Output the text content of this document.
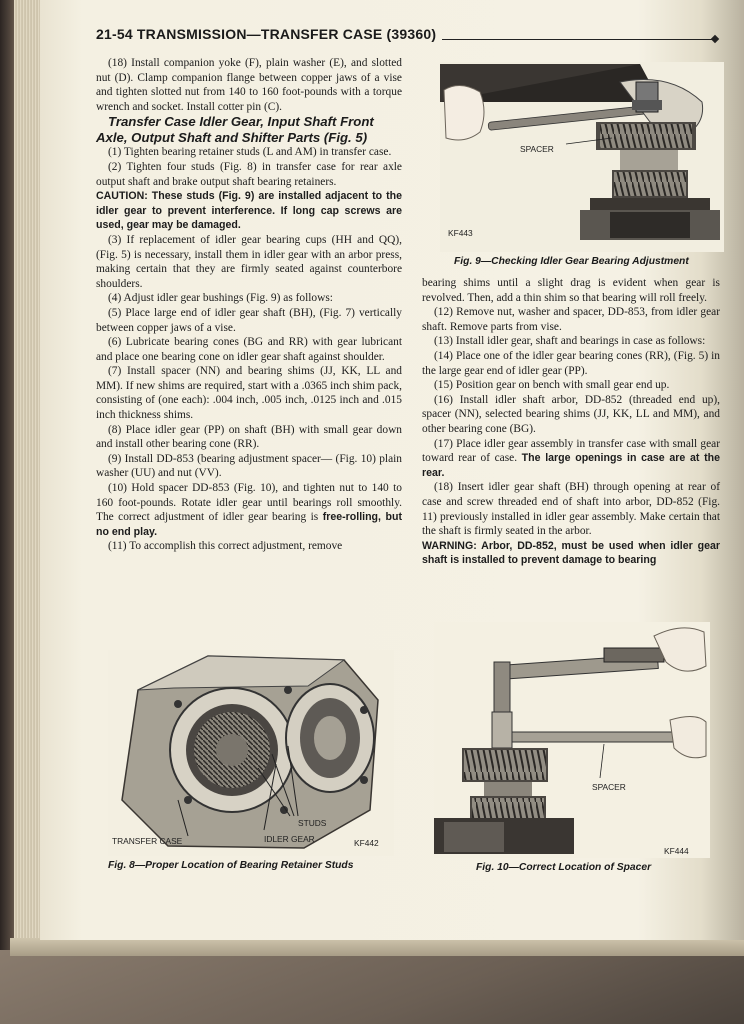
21-54 TRANSMISSION—TRANSFER CASE (39360)

(18) Install companion yoke (F), plain washer (E), and slotted nut (D). Clamp companion flange between copper jaws of a vise and tighten slotted nut from 140 to 160 foot-pounds with a torque wrench and socket. Install cotter pin (C).

Transfer Case Idler Gear, Input Shaft Front Axle, Output Shaft and Shifter Parts (Fig. 5)

(1) Tighten bearing retainer studs (L and AM) in transfer case.

(2) Tighten four studs (Fig. 8) in transfer case for rear axle output shaft and brake output shaft bearing retainers.

CAUTION: These studs (Fig. 9) are installed adjacent to the idler gear to prevent interference. If long cap screws are used, gear may be damaged.

(3) If replacement of idler gear bearing cups (HH and QQ), (Fig. 5) is necessary, install them in idler gear with an arbor press, making certain that they are firmly seated against counterbore shoulders.

(4) Adjust idler gear bushings (Fig. 9) as follows:

(5) Place large end of idler gear shaft (BH), (Fig. 7) vertically between copper jaws of a vise.

(6) Lubricate bearing cones (BG and RR) with gear lubricant and place one bearing cone on idler gear shaft against shoulder.

(7) Install spacer (NN) and bearing shims (JJ, KK, LL and MM). If new shims are required, start with a .0365 inch shim pack, consisting of (one each): .004 inch, .005 inch, .0125 inch and .015 inch thickness shims.

(8) Place idler gear (PP) on shaft (BH) with small gear down and install other bearing cone (RR).

(9) Install DD-853 (bearing adjustment spacer— (Fig. 10) plain washer (UU) and nut (VV).

(10) Hold spacer DD-853 (Fig. 10), and tighten nut to 140 to 160 foot-pounds. Rotate idler gear until bearings roll smoothly. The correct adjustment of idler gear bearing is free-rolling, but no end play.

(11) To accomplish this correct adjustment, remove

bearing shims until a slight drag is evident when gear is revolved. Then, add a thin shim so that bearing will roll freely.

(12) Remove nut, washer and spacer, DD-853, from idler gear shaft. Remove parts from vise.

(13) Install idler gear, shaft and bearings in case as follows:

(14) Place one of the idler gear bearing cones (RR), (Fig. 5) in the large gear end of idler gear (PP).

(15) Position gear on bench with small gear end up.

(16) Install idler shaft arbor, DD-852 (threaded end up), spacer (NN), selected bearing shims (JJ, KK, LL and MM), and other bearing cone (BG).

(17) Place idler gear assembly in transfer case with small gear toward rear of case. The large openings in case are at the rear.

(18) Insert idler gear shaft (BH) through opening at rear of case and screw threaded end of shaft into arbor, DD-852 (Fig. 11) previously installed in idler gear assembly. Make certain that the shaft is firmly seated in the arbor.

WARNING: Arbor, DD-852, must be used when idler gear shaft is installed to prevent damage to bearing

SPACER
KF443
Fig. 9—Checking Idler Gear Bearing Adjustment
STUDS
TRANSFER CASE	IDLER GEAR	KF442
Fig. 8—Proper Location of Bearing Retainer Studs
SPACER
KF444
Fig. 10—Correct Location of Spacer
